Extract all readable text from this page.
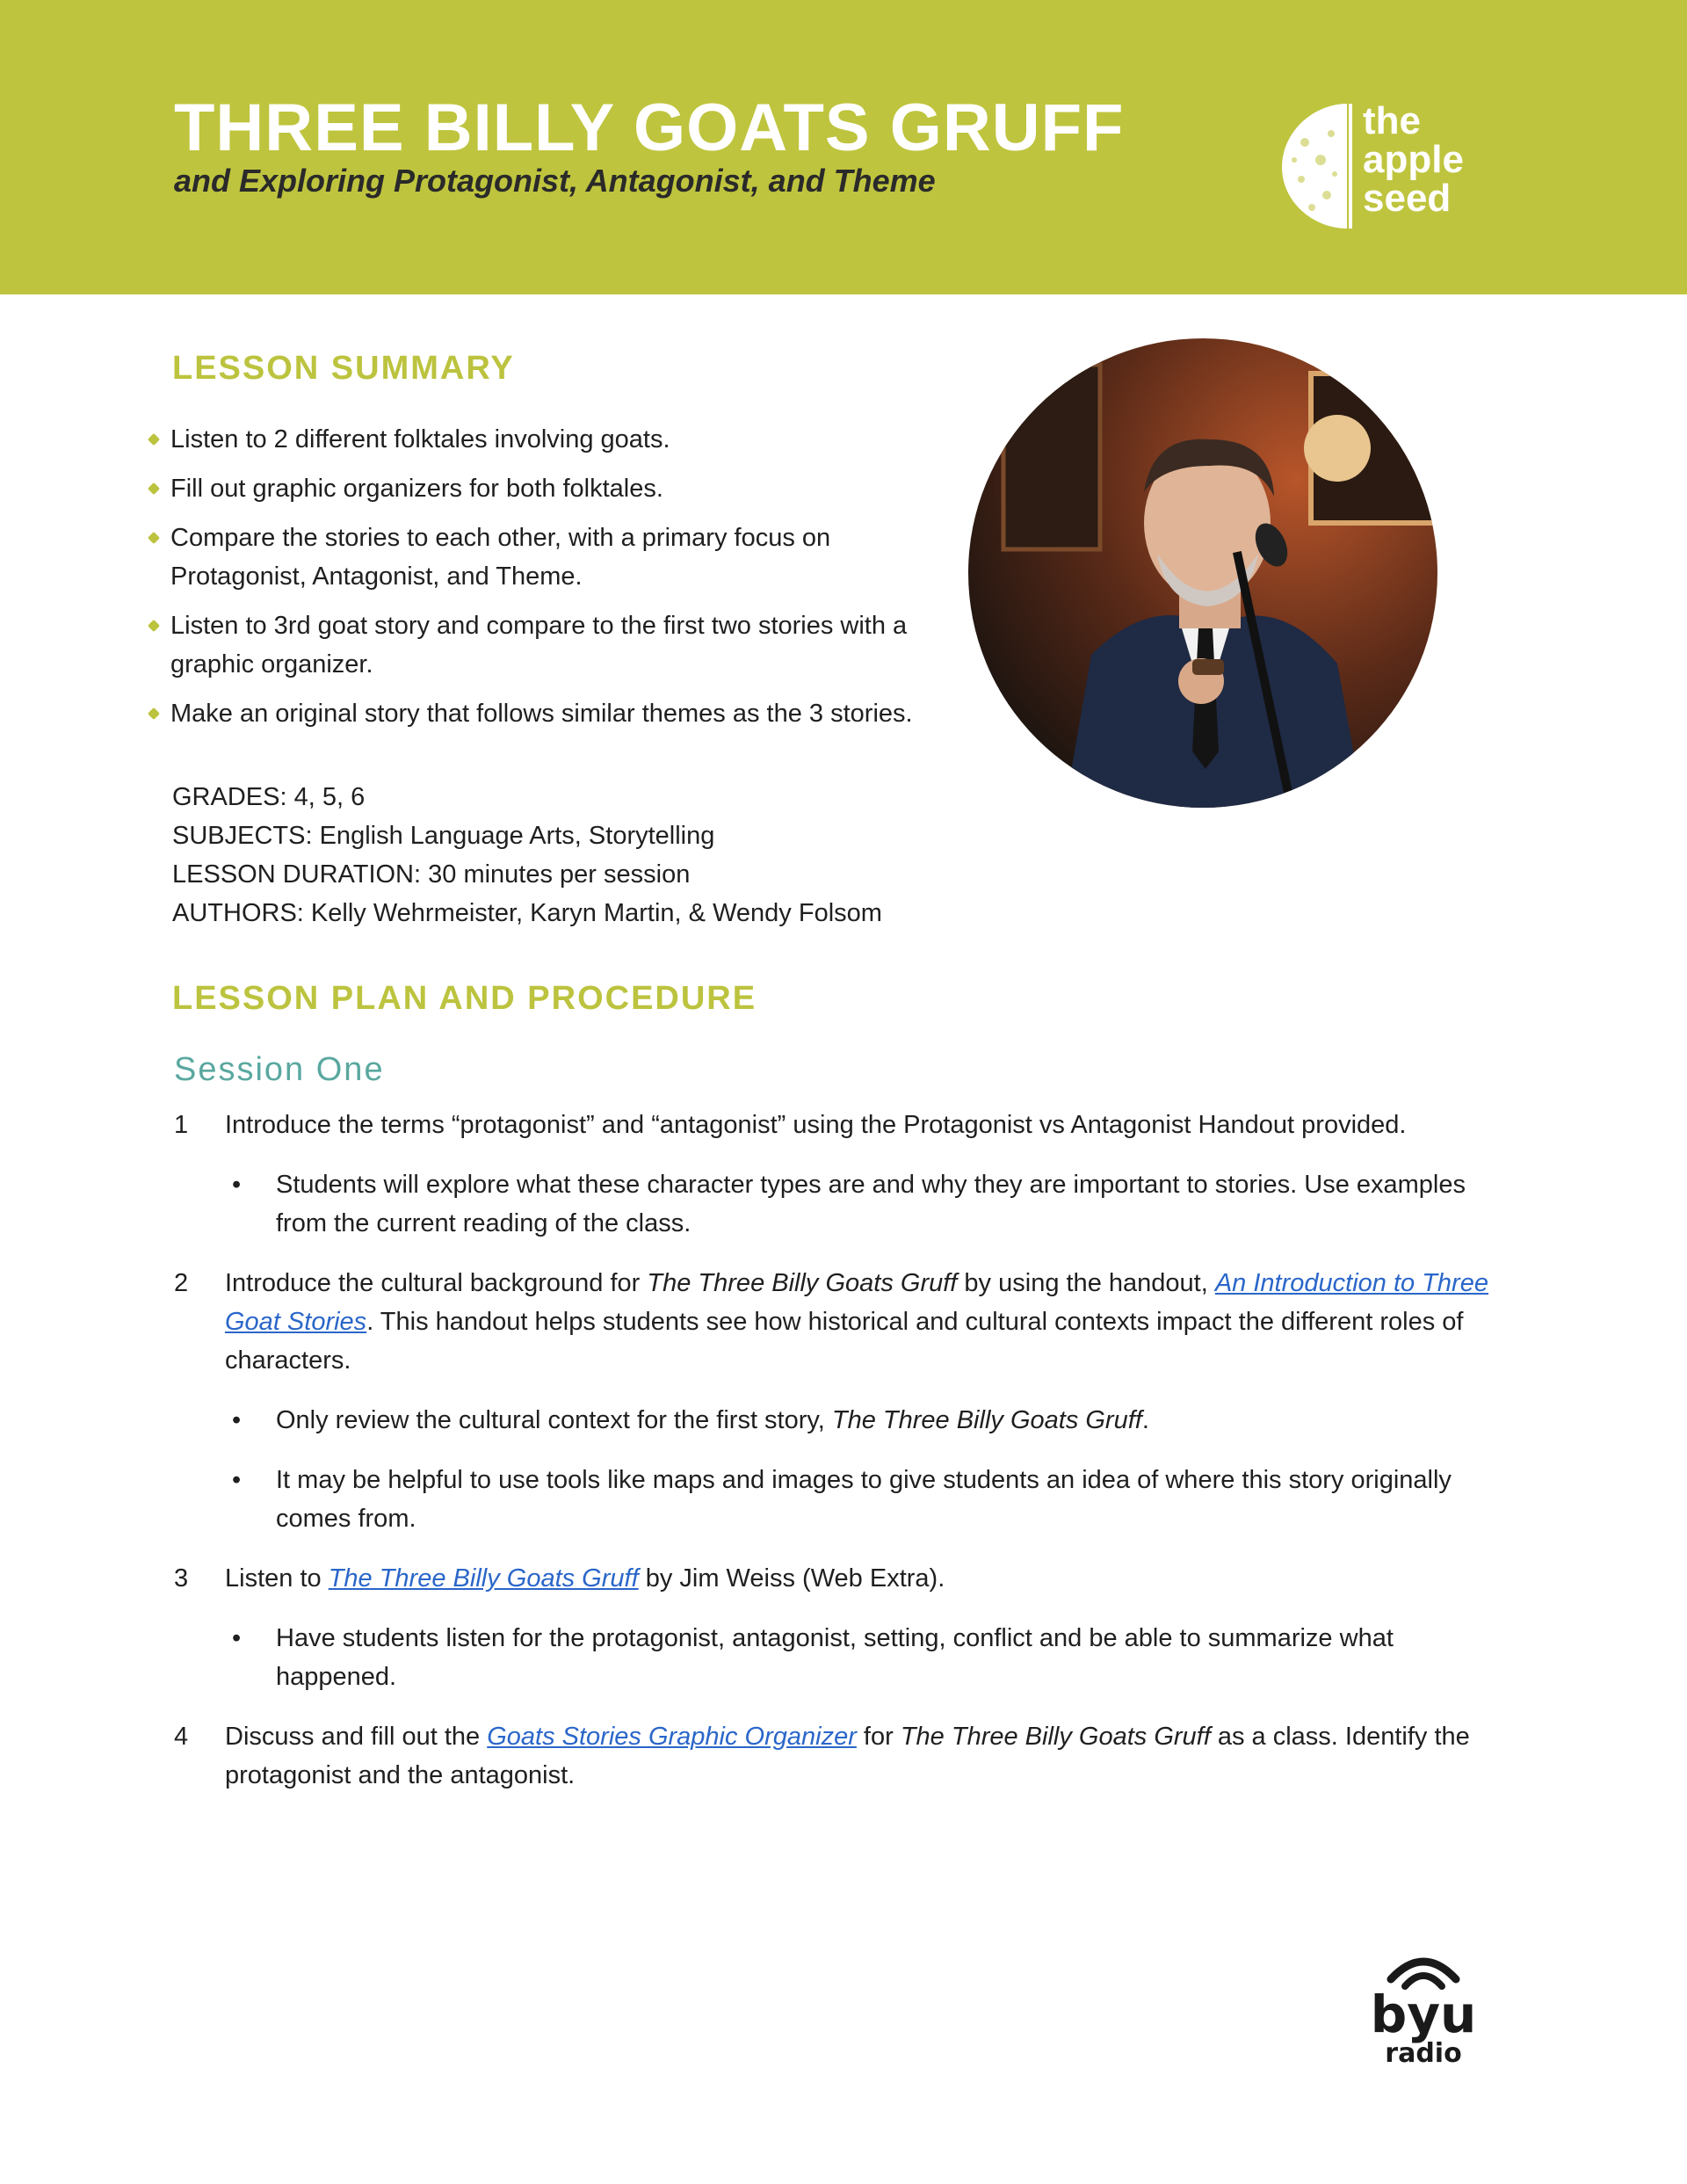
THREE BILLY GOATS GRUFF

and Exploring Protagonist, Antagonist, and Theme

the
apple
seed
LESSON SUMMARY
Listen to 2 different folktales involving goats.
Fill out graphic organizers for both folktales.
Compare the stories to each other, with a primary focus on Protagonist, Antagonist, and Theme.
Listen to 3rd goat story and compare to the first two stories with a graphic organizer.
Make an original story that follows similar themes as the 3 stories.
GRADES: 4, 5, 6
SUBJECTS: English Language Arts, Storytelling
LESSON DURATION: 30 minutes per session
AUTHORS: Kelly Wehrmeister, Karyn Martin, & Wendy Folsom
LESSON PLAN AND PROCEDURE
Session One
1 Introduce the terms “protagonist” and “antagonist” using the Protagonist vs Antagonist Handout provided.
• Students will explore what these character types are and why they are important to stories. Use examples from the current reading of the class.
2 Introduce the cultural background for The Three Billy Goats Gruff by using the handout, An Introduction to Three Goat Stories. This handout helps students see how historical and cultural contexts impact the different roles of characters.
• Only review the cultural context for the first story, The Three Billy Goats Gruff.
• It may be helpful to use tools like maps and images to give students an idea of where this story originally comes from.
3 Listen to The Three Billy Goats Gruff by Jim Weiss (Web Extra).
• Have students listen for the protagonist, antagonist, setting, conflict and be able to summarize what happened.
4 Discuss and fill out the Goats Stories Graphic Organizer for The Three Billy Goats Gruff as a class. Identify the protagonist and the antagonist.
byu
radio
